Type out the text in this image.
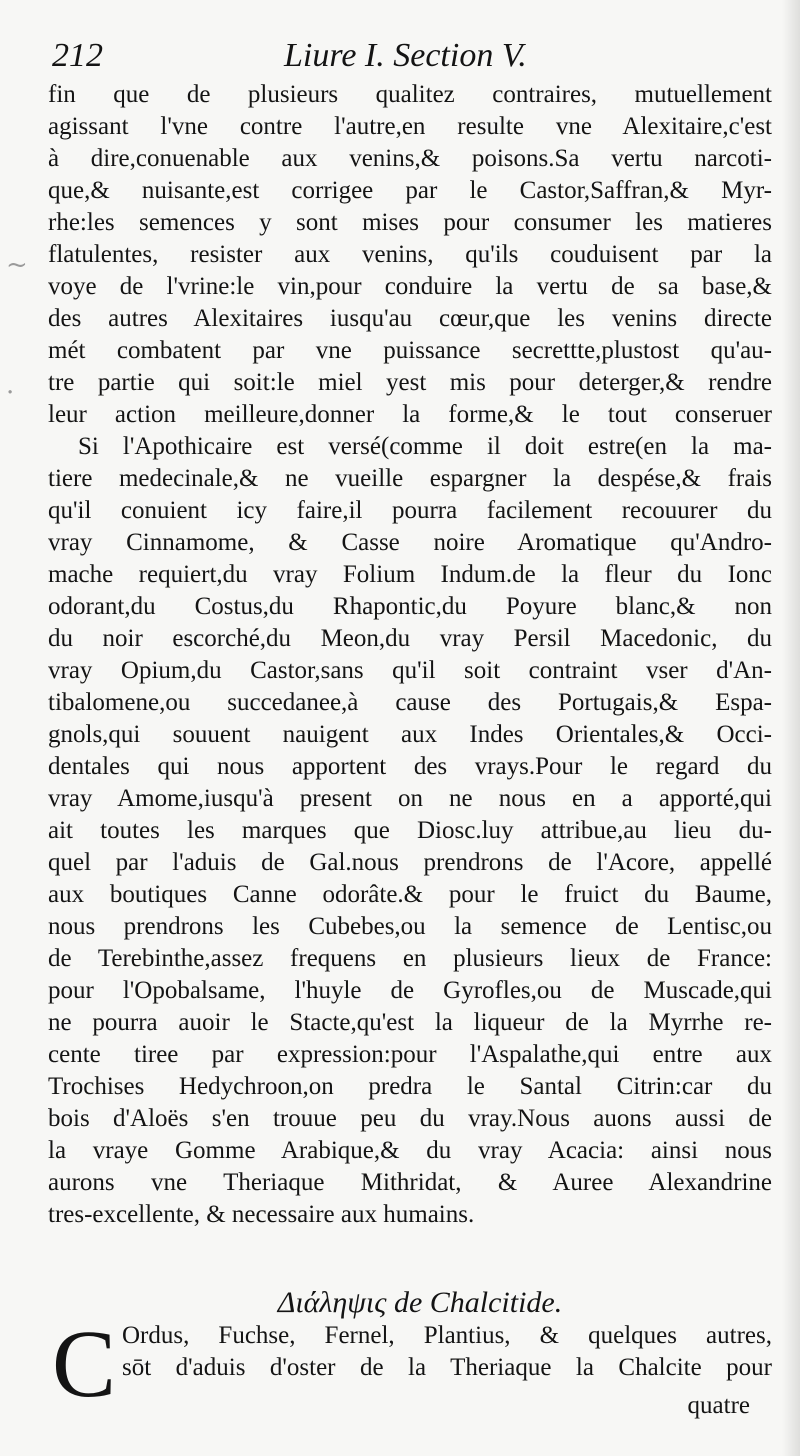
~
·
212	Liure I. Section V.
fin que de plusieurs qualitez contraires, mutuellement
agissant l'vne contre l'autre,en resulte vne Alexitaire,c'est
à dire,conuenable aux venins,& poisons.Sa vertu narcoti-
que,& nuisante,est corrigee par le Castor,Saffran,& Myr-
rhe:les semences y sont mises pour consumer les matieres
flatulentes, resister aux venins, qu'ils couduisent par la
voye de l'vrine:le vin,pour conduire la vertu de sa base,&
des autres Alexitaires iusqu'au cœur,que les venins directe
mét combatent par vne puissance secrettte,plustost qu'au-
tre partie qui soit:le miel yest mis pour deterger,& rendre
leur action meilleure,donner la forme,& le tout conseruer
Si l'Apothicaire est versé(comme il doit estre(en la ma-
tiere medecinale,& ne vueille espargner la despése,& frais
qu'il conuient icy faire,il pourra facilement recouurer du
vray Cinnamome, & Casse noire Aromatique qu'Andro-
mache requiert,du vray Folium Indum.de la fleur du Ionc
odorant,du Costus,du Rhapontic,du Poyure blanc,& non
du noir escorché,du Meon,du vray Persil Macedonic, du
vray Opium,du Castor,sans qu'il soit contraint vser d'An-
tibalomene,ou succedanee,à cause des Portugais,& Espa-
gnols,qui souuent nauigent aux Indes Orientales,& Occi-
dentales qui nous apportent des vrays.Pour le regard du
vray Amome,iusqu'à present on ne nous en a apporté,qui
ait toutes les marques que Diosc.luy attribue,au lieu du-
quel par l'aduis de Gal.nous prendrons de l'Acore, appellé
aux boutiques Canne odorâte.& pour le fruict du Baume,
nous prendrons les Cubebes,ou la semence de Lentisc,ou
de Terebinthe,assez frequens en plusieurs lieux de France:
pour l'Opobalsame, l'huyle de Gyrofles,ou de Muscade,qui
ne pourra auoir le Stacte,qu'est la liqueur de la Myrrhe re-
cente tiree par expression:pour l'Aspalathe,qui entre aux
Trochises Hedychroon,on predra le Santal Citrin:car du
bois d'Aloës s'en trouue peu du vray.Nous auons aussi de
la vraye Gomme Arabique,& du vray Acacia: ainsi nous
aurons vne Theriaque Mithridat, & Auree Alexandrine
tres-excellente, & necessaire aux humains.
Διάληψις de Chalcitide.
C Ordus, Fuchse, Fernel, Plantius, & quelques autres,
sōt d'aduis d'oster de la Theriaque la Chalcite pour
quatre
